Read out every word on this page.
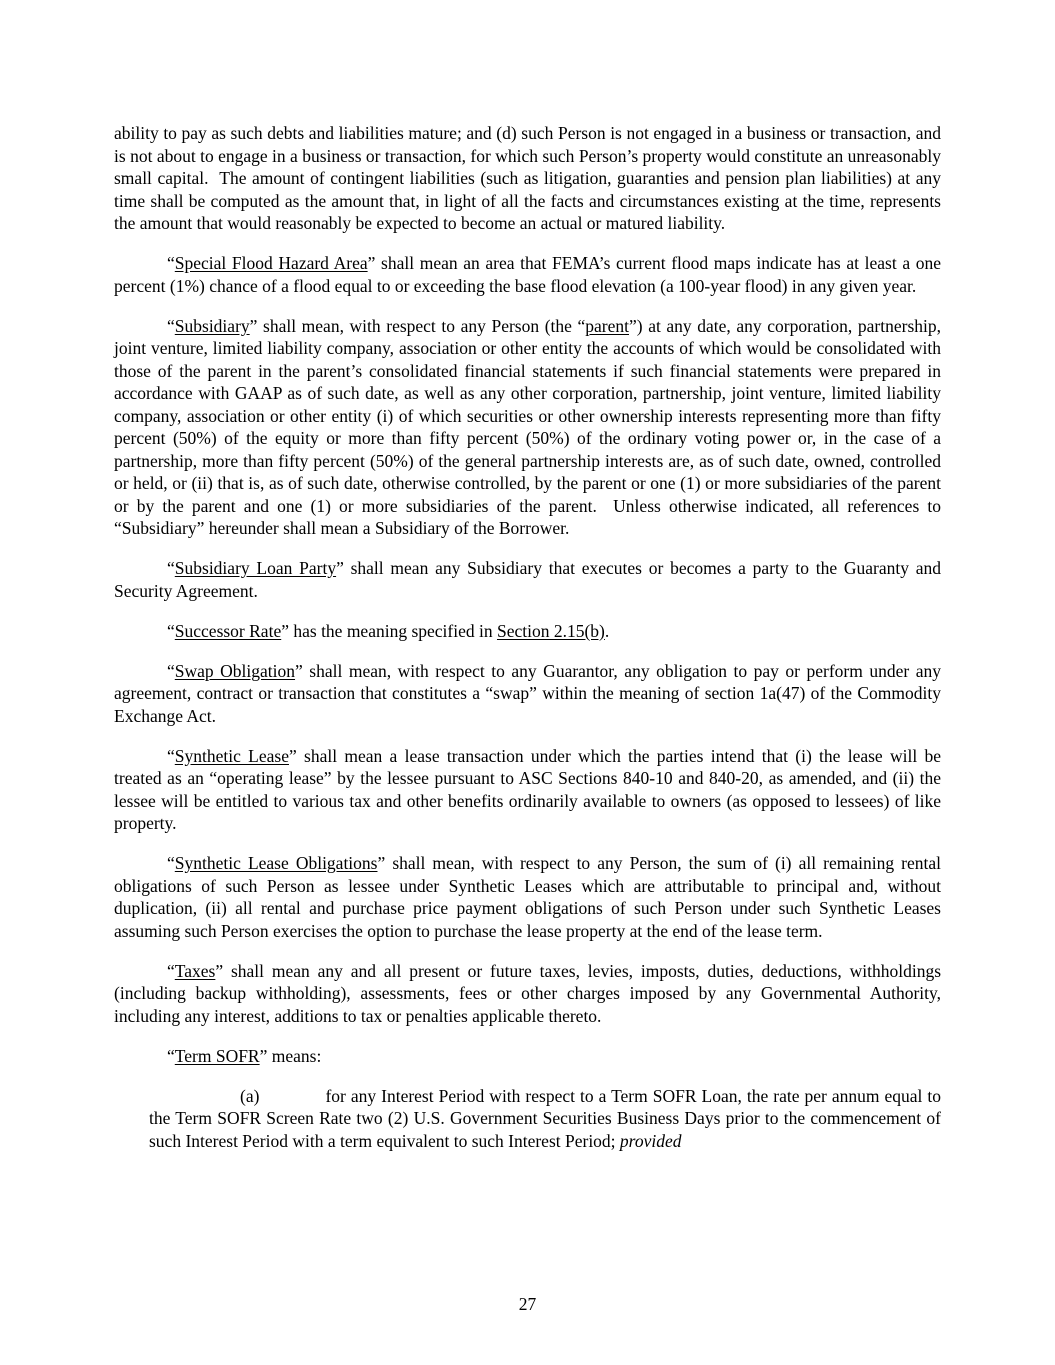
ability to pay as such debts and liabilities mature; and (d) such Person is not engaged in a business or transaction, and is not about to engage in a business or transaction, for which such Person’s property would constitute an unreasonably small capital.  The amount of contingent liabilities (such as litigation, guaranties and pension plan liabilities) at any time shall be computed as the amount that, in light of all the facts and circumstances existing at the time, represents the amount that would reasonably be expected to become an actual or matured liability.

“Special Flood Hazard Area” shall mean an area that FEMA’s current flood maps indicate has at least a one percent (1%) chance of a flood equal to or exceeding the base flood elevation (a 100-year flood) in any given year.

“Subsidiary” shall mean, with respect to any Person (the “parent”) at any date, any corporation, partnership, joint venture, limited liability company, association or other entity the accounts of which would be consolidated with those of the parent in the parent’s consolidated financial statements if such financial statements were prepared in accordance with GAAP as of such date, as well as any other corporation, partnership, joint venture, limited liability company, association or other entity (i) of which securities or other ownership interests representing more than fifty percent (50%) of the equity or more than fifty percent (50%) of the ordinary voting power or, in the case of a partnership, more than fifty percent (50%) of the general partnership interests are, as of such date, owned, controlled or held, or (ii) that is, as of such date, otherwise controlled, by the parent or one (1) or more subsidiaries of the parent or by the parent and one (1) or more subsidiaries of the parent.  Unless otherwise indicated, all references to “Subsidiary” hereunder shall mean a Subsidiary of the Borrower.

“Subsidiary Loan Party” shall mean any Subsidiary that executes or becomes a party to the Guaranty and Security Agreement.

“Successor Rate” has the meaning specified in Section 2.15(b).

“Swap Obligation” shall mean, with respect to any Guarantor, any obligation to pay or perform under any agreement, contract or transaction that constitutes a “swap” within the meaning of section 1a(47) of the Commodity Exchange Act.

“Synthetic Lease” shall mean a lease transaction under which the parties intend that (i) the lease will be treated as an “operating lease” by the lessee pursuant to ASC Sections 840-10 and 840-20, as amended, and (ii) the lessee will be entitled to various tax and other benefits ordinarily available to owners (as opposed to lessees) of like property.

“Synthetic Lease Obligations” shall mean, with respect to any Person, the sum of (i) all remaining rental obligations of such Person as lessee under Synthetic Leases which are attributable to principal and, without duplication, (ii) all rental and purchase price payment obligations of such Person under such Synthetic Leases assuming such Person exercises the option to purchase the lease property at the end of the lease term.

“Taxes” shall mean any and all present or future taxes, levies, imposts, duties, deductions, withholdings (including backup withholding), assessments, fees or other charges imposed by any Governmental Authority, including any interest, additions to tax or penalties applicable thereto.

“Term SOFR” means:

(a)	for any Interest Period with respect to a Term SOFR Loan, the rate per annum equal to the Term SOFR Screen Rate two (2) U.S. Government Securities Business Days prior to the commencement of such Interest Period with a term equivalent to such Interest Period; provided

27
